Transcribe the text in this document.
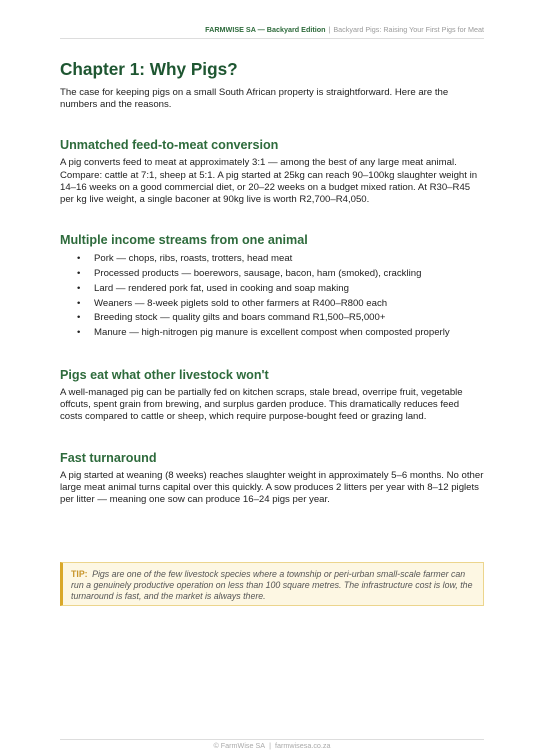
FARMWISE SA — Backyard Edition | Backyard Pigs: Raising Your First Pigs for Meat
Chapter 1: Why Pigs?

The case for keeping pigs on a small South African property is straightforward. Here are the numbers and the reasons.

Unmatched feed-to-meat conversion

A pig converts feed to meat at approximately 3:1 — among the best of any large meat animal. Compare: cattle at 7:1, sheep at 5:1. A pig started at 25kg can reach 90–100kg slaughter weight in 14–16 weeks on a good commercial diet, or 20–22 weeks on a budget mixed ration. At R30–R45 per kg live weight, a single baconer at 90kg live is worth R2,700–R4,050.

Multiple income streams from one animal
• Pork — chops, ribs, roasts, trotters, head meat
• Processed products — boerewors, sausage, bacon, ham (smoked), crackling
• Lard — rendered pork fat, used in cooking and soap making
• Weaners — 8-week piglets sold to other farmers at R400–R800 each
• Breeding stock — quality gilts and boars command R1,500–R5,000+
• Manure — high-nitrogen pig manure is excellent compost when composted properly
Pigs eat what other livestock won't

A well-managed pig can be partially fed on kitchen scraps, stale bread, overripe fruit, vegetable offcuts, spent grain from brewing, and surplus garden produce. This dramatically reduces feed costs compared to cattle or sheep, which require purpose-bought feed or grazing land.

Fast turnaround

A pig started at weaning (8 weeks) reaches slaughter weight in approximately 5–6 months. No other large meat animal turns capital over this quickly. A sow produces 2 litters per year with 8–12 piglets per litter — meaning one sow can produce 16–24 pigs per year.

TIP: Pigs are one of the few livestock species where a township or peri-urban small-scale farmer can run a genuinely productive operation on less than 100 square metres. The infrastructure cost is low, the turnaround is fast, and the market is always there.
© FarmWise SA | farmwisesa.co.za
